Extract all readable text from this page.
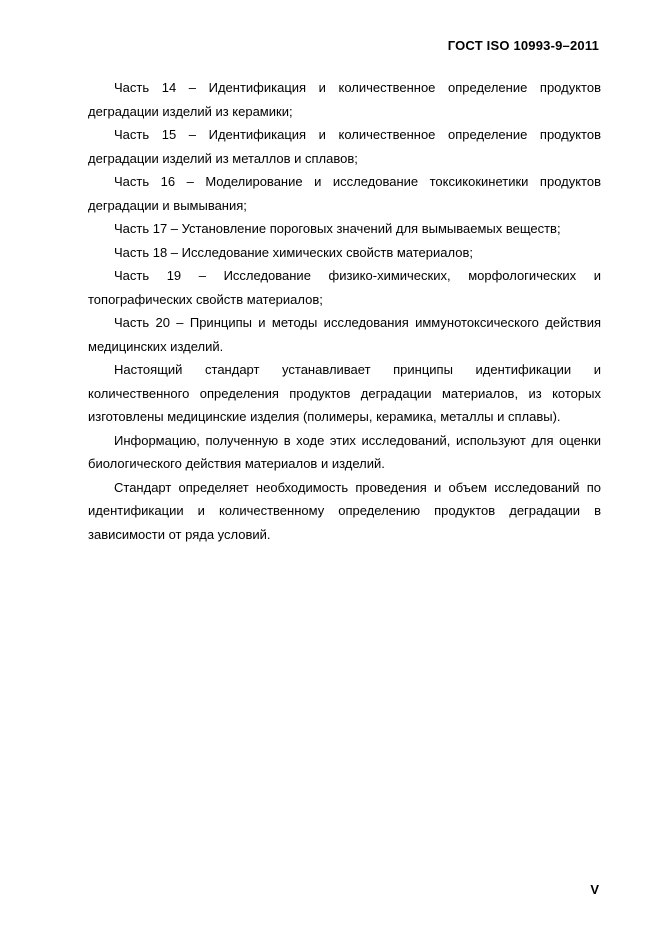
ГОСТ ISO 10993-9–2011

Часть 14 – Идентификация и количественное определение продуктов деградации изделий из керамики;

Часть 15 – Идентификация и количественное определение продуктов деградации изделий из металлов и сплавов;

Часть 16 – Моделирование и исследование токсикокинетики продуктов деградации и вымывания;

Часть 17 – Установление пороговых значений для вымываемых веществ;

Часть 18 – Исследование химических свойств материалов;

Часть 19 – Исследование физико-химических, морфологических и топографических свойств материалов;

Часть 20 – Принципы и методы исследования иммунотоксического действия медицинских изделий.

Настоящий стандарт устанавливает принципы идентификации и количественного определения продуктов деградации материалов, из которых изготовлены медицинские изделия (полимеры, керамика, металлы и сплавы).

Информацию, полученную в ходе этих исследований, используют для оценки биологического действия материалов и изделий.

Стандарт определяет необходимость проведения и объем исследований по идентификации и количественному определению продуктов деградации в зависимости от ряда условий.

V
